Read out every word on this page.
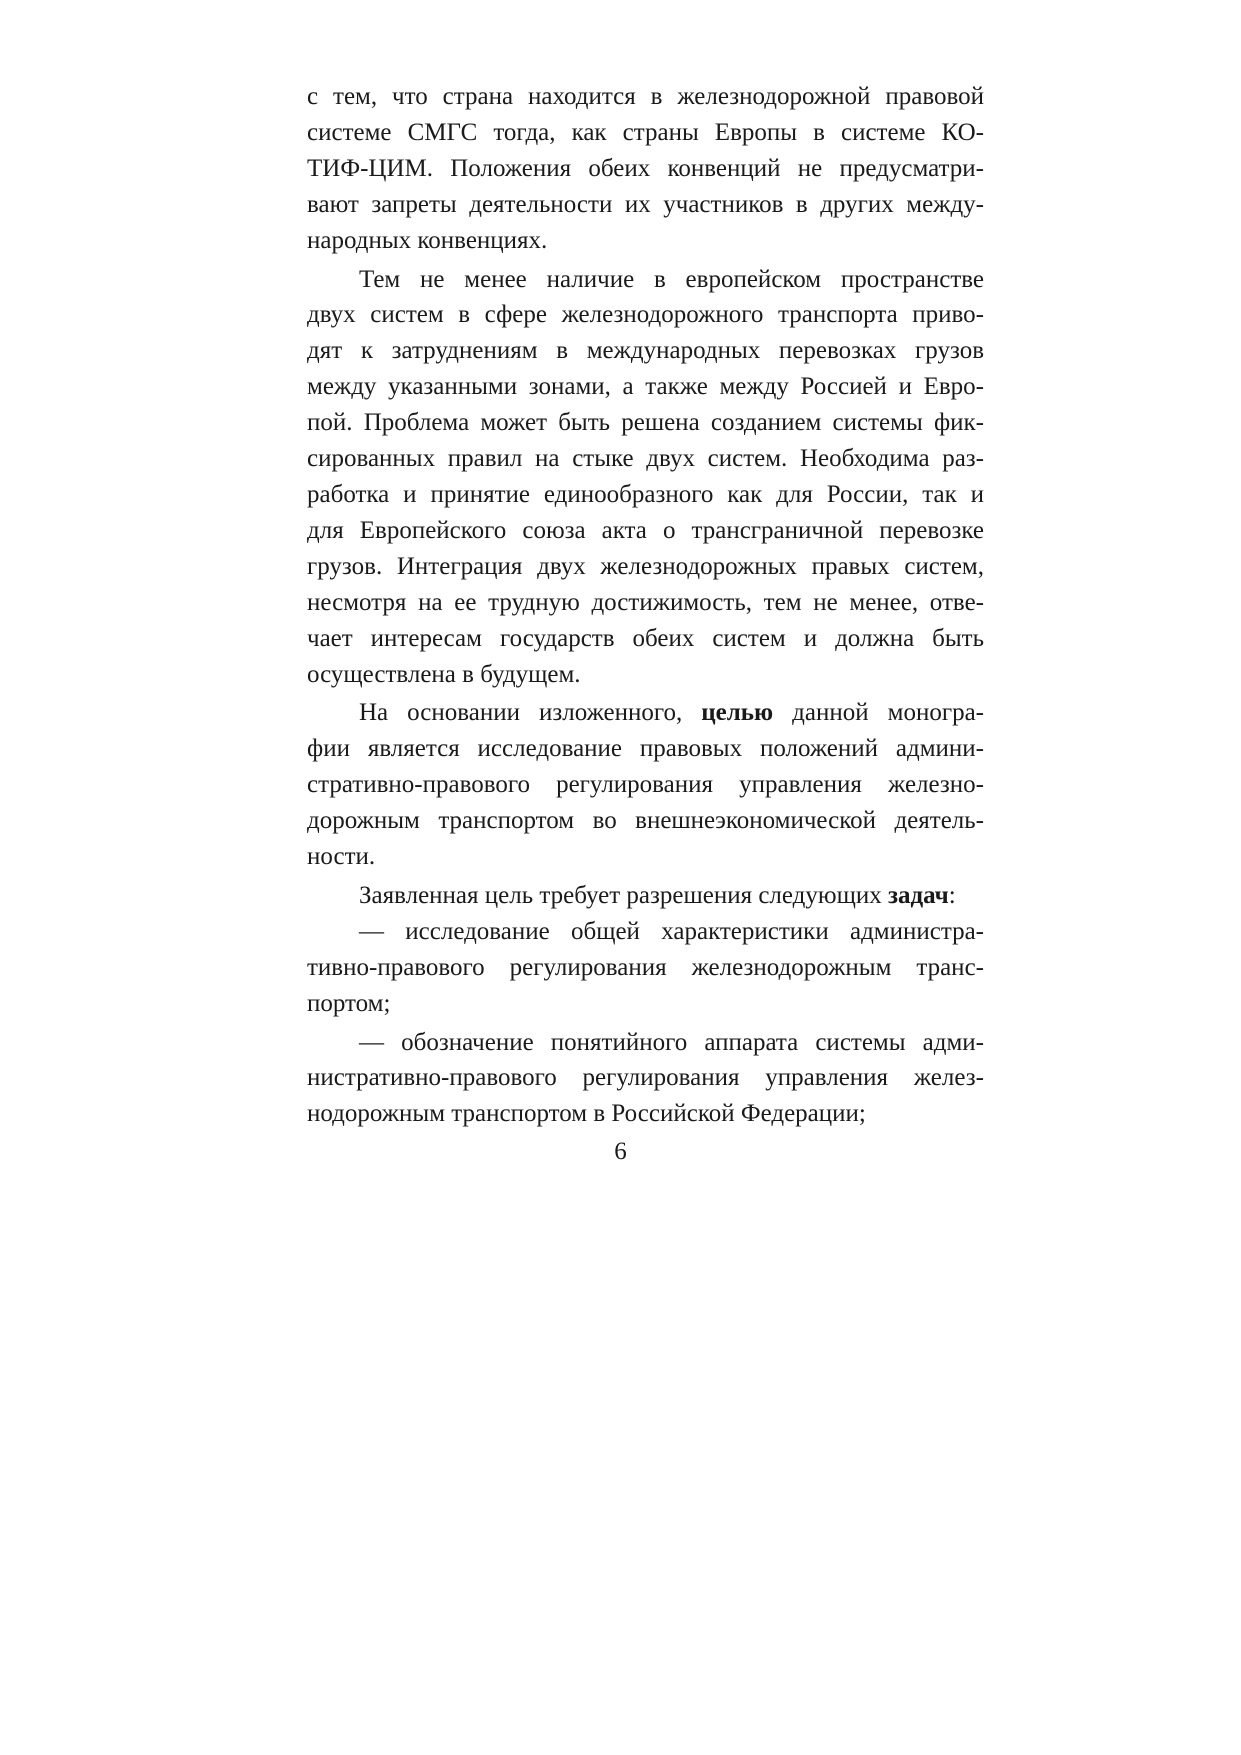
с тем, что страна находится в железнодорожной правовой
системе СМГС тогда, как страны Европы в системе КО-
ТИФ-ЦИМ. Положения обеих конвенций не предусматри-
вают запреты деятельности их участников в других между-
народных конвенциях.

Тем не менее наличие в европейском пространстве
двух систем в сфере железнодорожного транспорта приво-
дят к затруднениям в международных перевозках грузов
между указанными зонами, а также между Россией и Евро-
пой. Проблема может быть решена созданием системы фик-
сированных правил на стыке двух систем. Необходима раз-
работка и принятие единообразного как для России, так и
для Европейского союза акта о трансграничной перевозке
грузов. Интеграция двух железнодорожных правых систем,
несмотря на ее трудную достижимость, тем не менее, отве-
чает интересам государств обеих систем и должна быть
осуществлена в будущем.

На основании изложенного, целью данной моногра-
фии является исследование правовых положений админи-
стративно-правового регулирования управления железно-
дорожным транспортом во внешнеэкономической деятель-
ности.

Заявленная цель требует разрешения следующих задач:

— исследование общей характеристики администра-
тивно-правового регулирования железнодорожным транс-
портом;

— обозначение понятийного аппарата системы адми-
нистративно-правового регулирования управления желез-
нодорожным транспортом в Российской Федерации;

6
